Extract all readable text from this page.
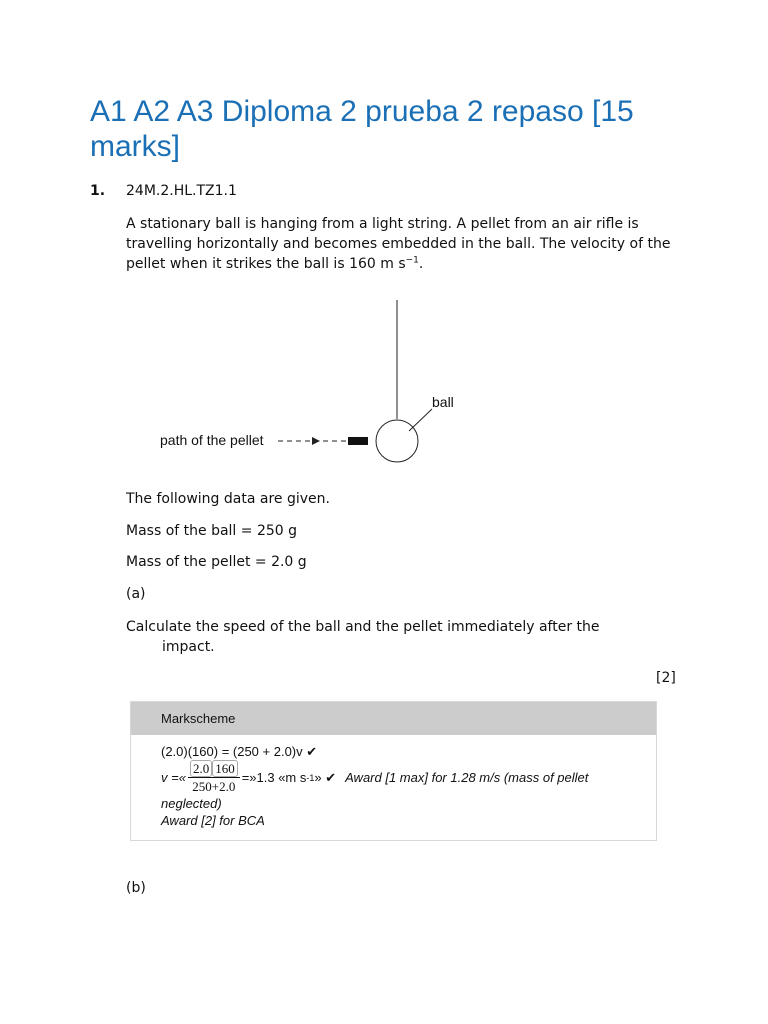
A1 A2 A3 Diploma 2 prueba 2 repaso [15 marks]
1. 24M.2.HL.TZ1.1
A stationary ball is hanging from a light string. A pellet from an air rifle is travelling horizontally and becomes embedded in the ball. The velocity of the pellet when it strikes the ball is 160 m $s^{-1}$.
ball
path of the pellet
The following data are given.
Mass of the ball = 250 g
Mass of the pellet = 2.0 g
(a)
Calculate the speed of the ball and the pellet immediately after the
impact.
[2]
Markscheme
(2.0)(160) = (250 + 2.0)v ✔
v =« $\frac{2.0 160}{250+2.0}$ =»1.3 «m s -1 » ✔ Award [1 max] for 1.28 m/s (mass of pellet
neglected)
Award [2] for BCA
(b)
